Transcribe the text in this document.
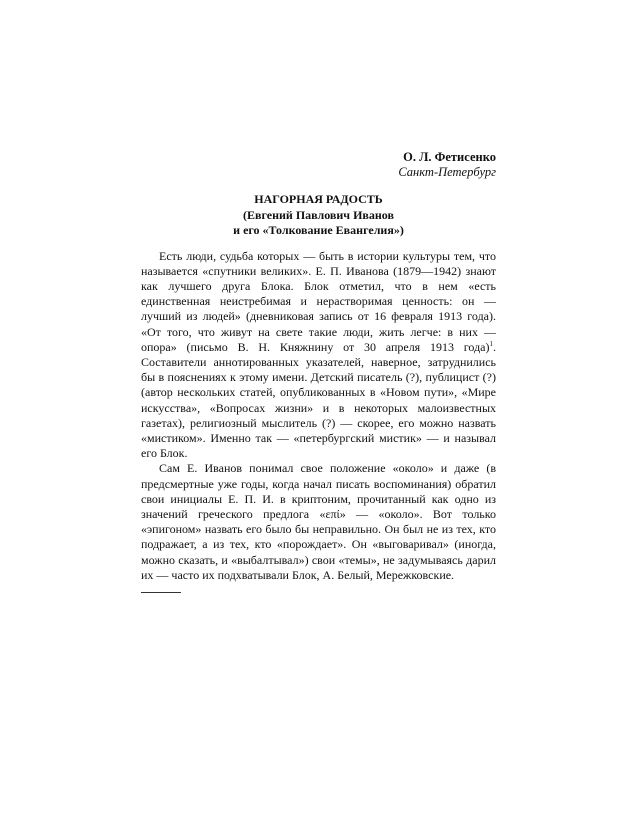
О. Л. Фетисенко
Санкт-Петербург
НАГОРНАЯ РАДОСТЬ
(Евгений Павлович Иванов
и его «Толкование Евангелия»)

Есть люди, судьба которых — быть в истории культуры тем, что называется «спутники великих». Е. П. Иванова (1879—1942) знают как лучшего друга Блока. Блок отметил, что в нем «есть единственная неистребимая и нерастворимая ценность: он — лучший из людей» (дневниковая запись от 16 февраля 1913 года). «От того, что живут на свете такие люди, жить легче: в них — опора» (письмо В. Н. Княжнину от 30 апреля 1913 года)$^1$. Составители аннотированных указателей, наверное, затруднились бы в пояснениях к этому имени. Детский писатель (?), публицист (?) (автор нескольких статей, опубликованных в «Новом пути», «Мире искусства», «Вопросах жизни» и в некоторых малоизвестных газетах), религиозный мыслитель (?) — скорее, его можно назвать «мистиком». Именно так — «петербургский мистик» — и называл его Блок.

Сам Е. Иванов понимал свое положение «около» и даже (в предсмертные уже годы, когда начал писать воспоминания) обратил свои инициалы Е. П. И. в криптоним, прочитанный как одно из значений греческого предлога «επί» — «около». Вот только «эпигоном» назвать его было бы неправильно. Он был не из тех, кто подражает, а из тех, кто «порождает». Он «выговаривал» (иногда, можно сказать, и «выбалтывал») свои «темы», не задумываясь дарил их — часто их подхватывали Блок, А. Белый, Мережковские.
